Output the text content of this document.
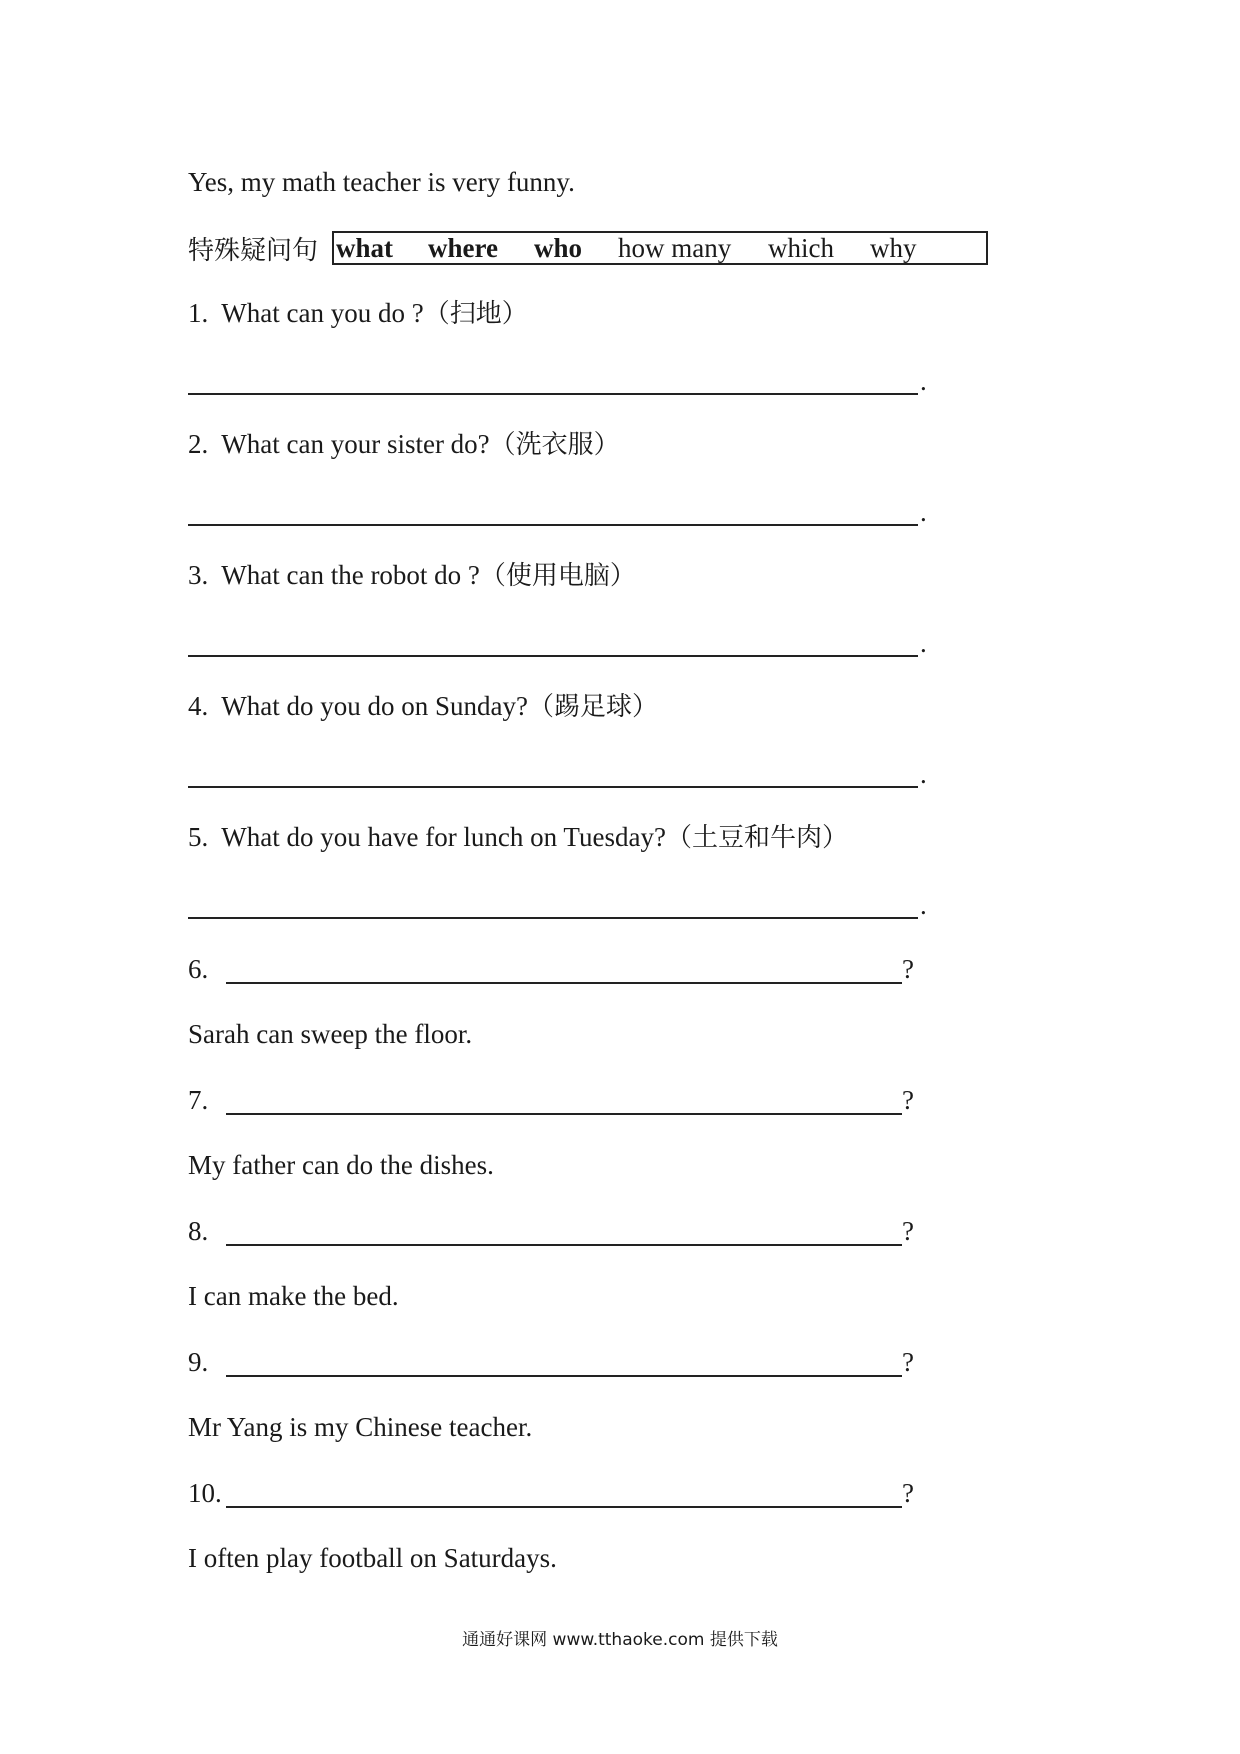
Yes, my math teacher is very funny.
特殊疑问句 what where who how many which why
1. What can you do ?（扫地）
.
2. What can your sister do?（洗衣服）
.
3. What can the robot do ?（使用电脑）
.
4. What do you do on Sunday?（踢足球）
.
5. What do you have for lunch on Tuesday?（土豆和牛肉）
.
6.	?
Sarah can sweep the floor.
7.	?
My father can do the dishes.
8.	?
I can make the bed.
9.	?
Mr Yang is my Chinese teacher.
10.	?
I often play football on Saturdays.
通通好课网 www.tthaoke.com 提供下载
